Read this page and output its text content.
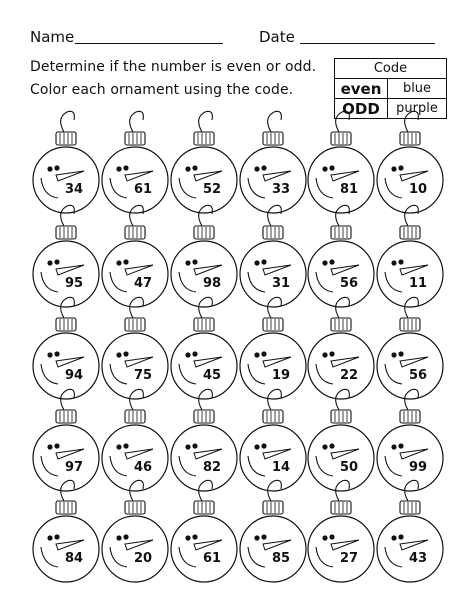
Name	Date
Determine if the number is even or odd.
Color each ornament using the code.
Code	
even	blue
ODD	purple
34	61	52	33	81	10
95	47	98	31	56	11
94	75	45	19	22	56
97	46	82	14	50	99
84	20	61	85	27	43
